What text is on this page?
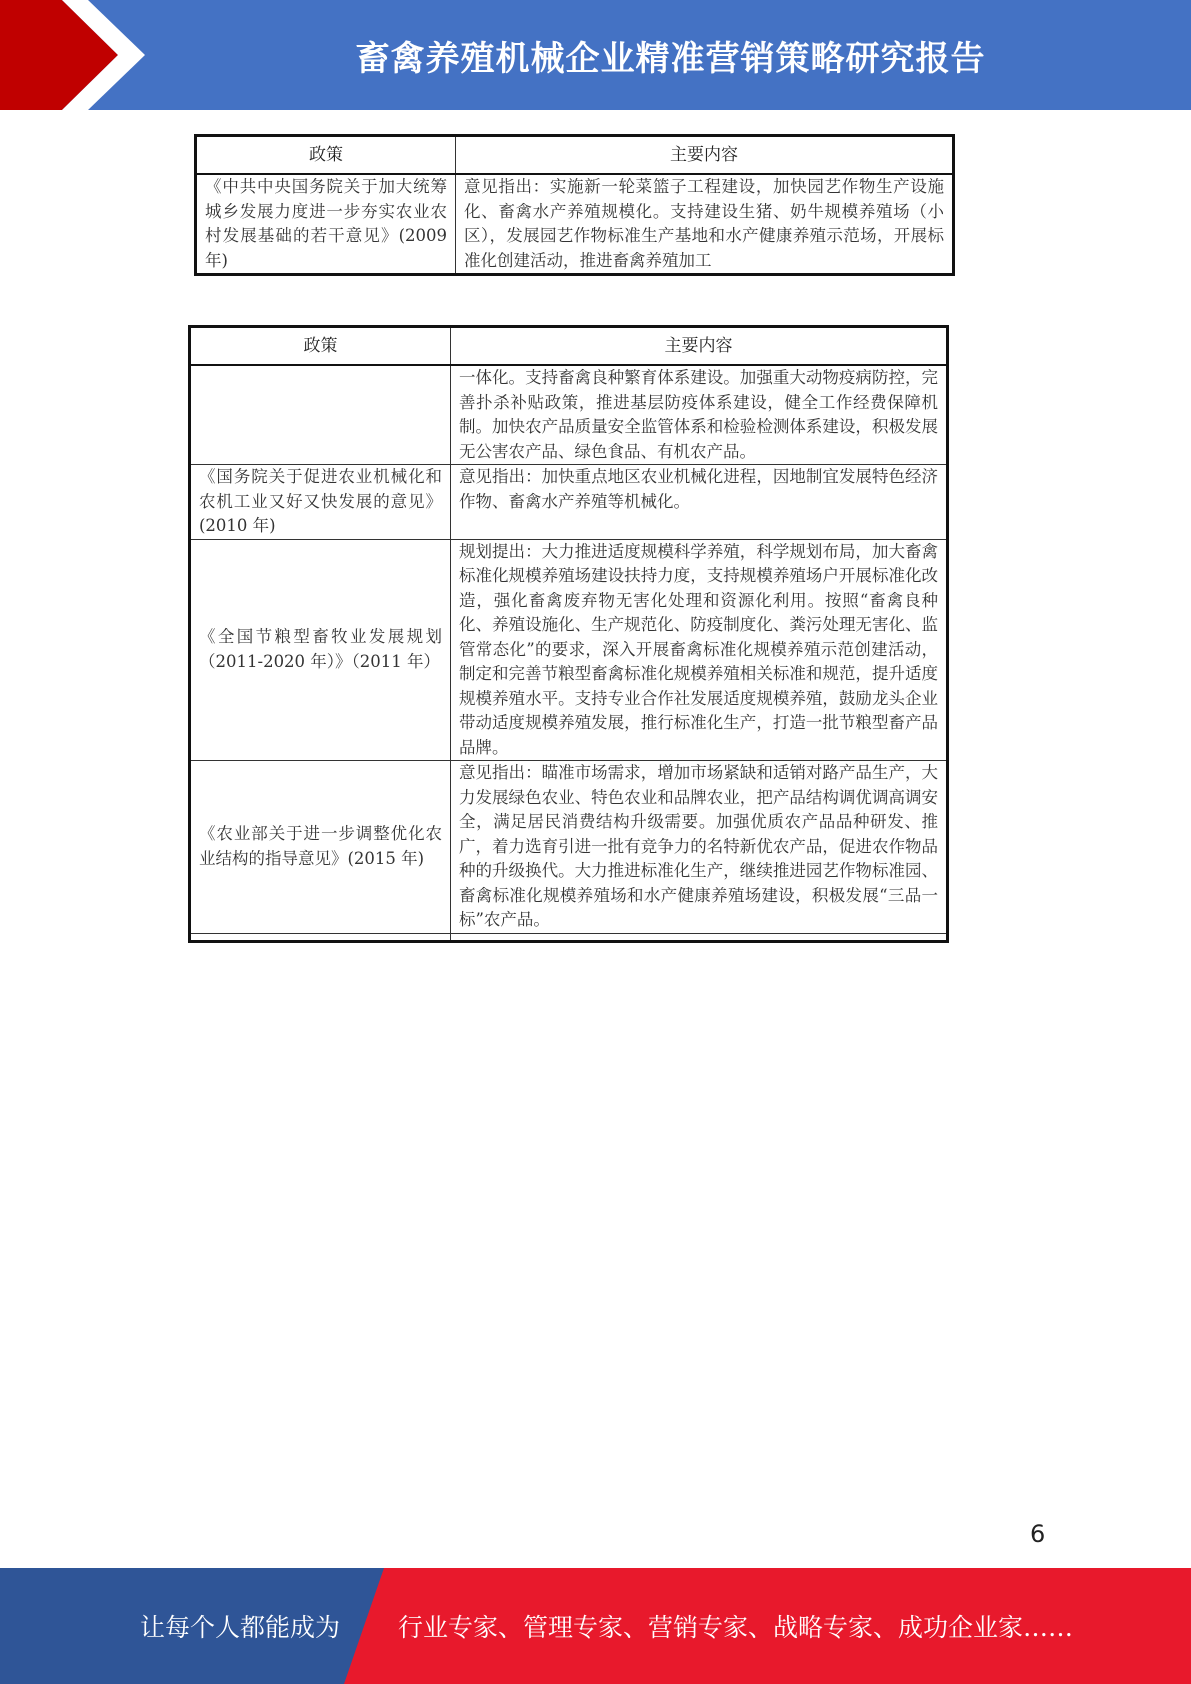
畜禽养殖机械企业精准营销策略研究报告
政策	主要内容
《中共中央国务院关于加大统筹城乡发展力度进一步夯实农业农村发展基础的若干意见》(2009 年)	意见指出：实施新一轮菜篮子工程建设，加快园艺作物生产设施化、畜禽水产养殖规模化。支持建设生猪、奶牛规模养殖场（小区），发展园艺作物标准生产基地和水产健康养殖示范场，开展标准化创建活动，推进畜禽养殖加工
政策	主要内容
	一体化。支持畜禽良种繁育体系建设。加强重大动物疫病防控，完善扑杀补贴政策，推进基层防疫体系建设，健全工作经费保障机制。加快农产品质量安全监管体系和检验检测体系建设，积极发展无公害农产品、绿色食品、有机农产品。
《国务院关于促进农业机械化和农机工业又好又快发展的意见》(2010 年)	意见指出：加快重点地区农业机械化进程，因地制宜发展特色经济作物、畜禽水产养殖等机械化。
《全国节粮型畜牧业发展规划（2011-2020 年）》（2011 年）	规划提出：大力推进适度规模科学养殖，科学规划布局，加大畜禽标准化规模养殖场建设扶持力度，支持规模养殖场户开展标准化改造，强化畜禽废弃物无害化处理和资源化利用。按照“畜禽良种化、养殖设施化、生产规范化、防疫制度化、粪污处理无害化、监管常态化”的要求，深入开展畜禽标准化规模养殖示范创建活动，制定和完善节粮型畜禽标准化规模养殖相关标准和规范，提升适度规模养殖水平。支持专业合作社发展适度规模养殖，鼓励龙头企业带动适度规模养殖发展，推行标准化生产，打造一批节粮型畜产品品牌。
《农业部关于进一步调整优化农业结构的指导意见》(2015 年)	意见指出：瞄准市场需求，增加市场紧缺和适销对路产品生产，大力发展绿色农业、特色农业和品牌农业，把产品结构调优调高调安全，满足居民消费结构升级需要。加强优质农产品品种研发、推广，着力选育引进一批有竞争力的名特新优农产品，促进农作物品种的升级换代。大力推进标准化生产，继续推进园艺作物标准园、畜禽标准化规模养殖场和水产健康养殖场建设，积极发展“三品一标”农产品。

6
让每个人都能成为 行业专家、管理专家、营销专家、战略专家、成功企业家……
